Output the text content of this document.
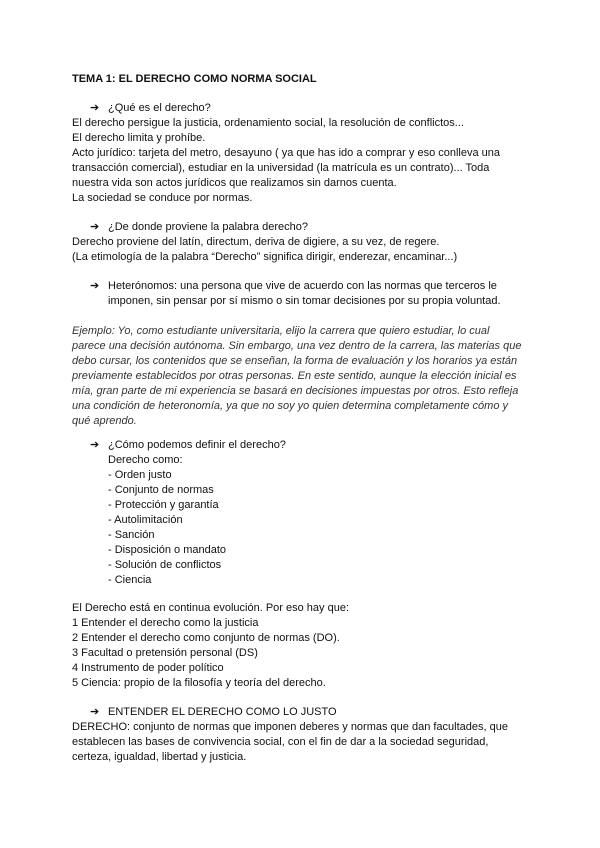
TEMA 1: EL DERECHO COMO NORMA SOCIAL
➔ ¿Qué es el derecho?
El derecho persigue la justicia, ordenamiento social, la resolución de conflictos...
El derecho limita y prohíbe.
Acto jurídico: tarjeta del metro, desayuno ( ya que has ido a comprar y eso conlleva una
transacción comercial), estudiar en la universidad (la matrícula es un contrato)... Toda
nuestra vida son actos jurídicos que realizamos sin darnos cuenta.
La sociedad se conduce por normas.
➔ ¿De donde proviene la palabra derecho?
Derecho proviene del latín, directum, deriva de digiere, a su vez, de regere.
(La etimología de la palabra “Derecho” significa dirigir, enderezar, encaminar...)
➔ Heterónomos: una persona que vive de acuerdo con las normas que terceros le
imponen, sin pensar por sí mismo o sin tomar decisiones por su propia voluntad.
Ejemplo: Yo, como estudiante universitaria, elijo la carrera que quiero estudiar, lo cual
parece una decisión autónoma. Sin embargo, una vez dentro de la carrera, las materias que
debo cursar, los contenidos que se enseñan, la forma de evaluación y los horarios ya están
previamente establecidos por otras personas. En este sentido, aunque la elección inicial es
mía, gran parte de mi experiencia se basará en decisiones impuestas por otros. Esto refleja
una condición de heteronomía, ya que no soy yo quien determina completamente cómo y
qué aprendo.
➔ ¿Cómo podemos definir el derecho?
Derecho como:
- Orden justo
- Conjunto de normas
- Protección y garantía
- Autolimitación
- Sanción
- Disposición o mandato
- Solución de conflictos
- Ciencia
El Derecho está en continua evolución. Por eso hay que:
1 Entender el derecho como la justicia
2 Entender el derecho como conjunto de normas (DO).
3 Facultad o pretensión personal (DS)
4 Instrumento de poder político
5 Ciencia: propio de la filosofía y teoría del derecho.
➔ ENTENDER EL DERECHO COMO LO JUSTO
DERECHO: conjunto de normas que imponen deberes y normas que dan facultades, que
establecen las bases de convivencia social, con el fin de dar a la sociedad seguridad,
certeza, igualdad, libertad y justicia.
